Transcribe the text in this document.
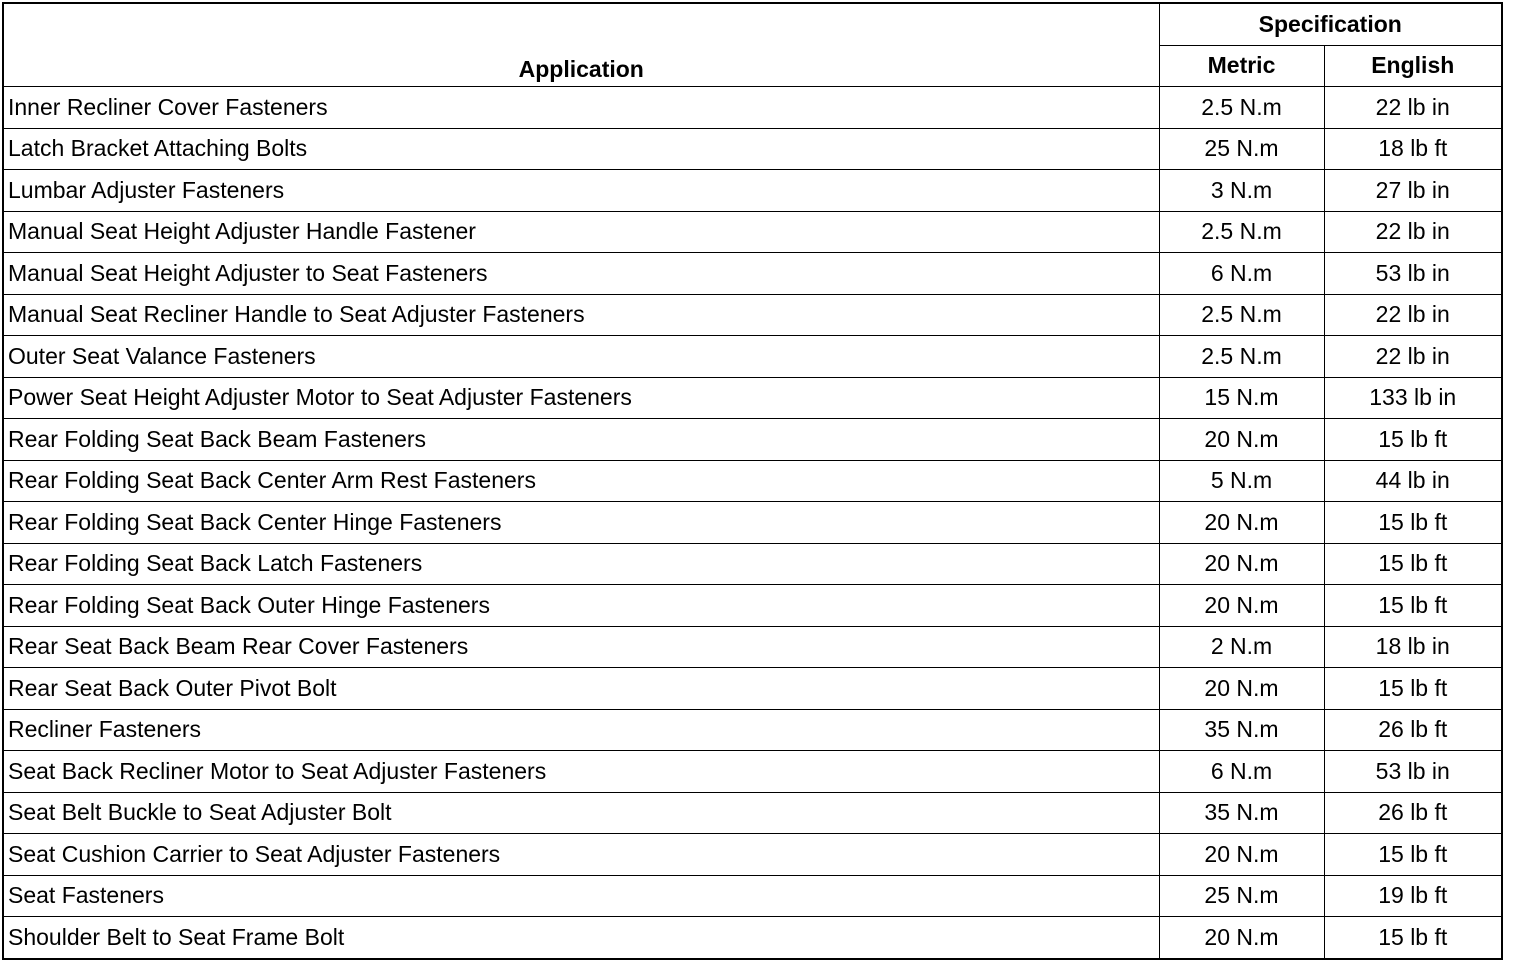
Application	Specification	
	Metric	English
Inner Recliner Cover Fasteners	2.5 N.m	22 lb in
Latch Bracket Attaching Bolts	25 N.m	18 lb ft
Lumbar Adjuster Fasteners	3 N.m	27 lb in
Manual Seat Height Adjuster Handle Fastener	2.5 N.m	22 lb in
Manual Seat Height Adjuster to Seat Fasteners	6 N.m	53 lb in
Manual Seat Recliner Handle to Seat Adjuster Fasteners	2.5 N.m	22 lb in
Outer Seat Valance Fasteners	2.5 N.m	22 lb in
Power Seat Height Adjuster Motor to Seat Adjuster Fasteners	15 N.m	133 lb in
Rear Folding Seat Back Beam Fasteners	20 N.m	15 lb ft
Rear Folding Seat Back Center Arm Rest Fasteners	5 N.m	44 lb in
Rear Folding Seat Back Center Hinge Fasteners	20 N.m	15 lb ft
Rear Folding Seat Back Latch Fasteners	20 N.m	15 lb ft
Rear Folding Seat Back Outer Hinge Fasteners	20 N.m	15 lb ft
Rear Seat Back Beam Rear Cover Fasteners	2 N.m	18 lb in
Rear Seat Back Outer Pivot Bolt	20 N.m	15 lb ft
Recliner Fasteners	35 N.m	26 lb ft
Seat Back Recliner Motor to Seat Adjuster Fasteners	6 N.m	53 lb in
Seat Belt Buckle to Seat Adjuster Bolt	35 N.m	26 lb ft
Seat Cushion Carrier to Seat Adjuster Fasteners	20 N.m	15 lb ft
Seat Fasteners	25 N.m	19 lb ft
Shoulder Belt to Seat Frame Bolt	20 N.m	15 lb ft
